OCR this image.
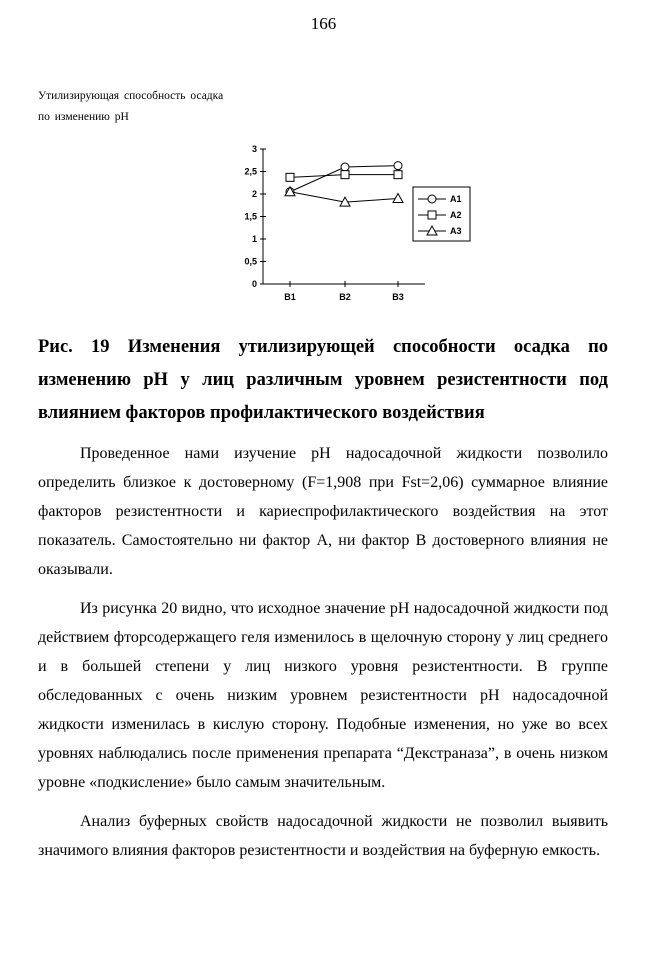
166
Утилизирующая способность осадка
по изменению рН
0
0,5
1
1,5
2
2,5
3
B1	B2	B3
A1
A2
A3
Рис. 19 Изменения утилизирующей способности осадка по изменению рН у лиц различным уровнем резистентности под влиянием факторов профилактического воздействия

Проведенное нами изучение рН надосадочной жидкости позволило определить близкое к достоверному (F=1,908 при Fst=2,06) суммарное влияние факторов резистентности и кариеспрофилактического воздействия на этот показатель. Самостоятельно ни фактор А, ни фактор В достоверного влияния не оказывали.

Из рисунка 20 видно, что исходное значение рН надосадочной жидкости под действием фторсодержащего геля изменилось в щелочную сторону у лиц среднего и в большей степени у лиц низкого уровня резистентности. В группе обследованных с очень низким уровнем резистентности рН надосадочной жидкости изменилась в кислую сторону. Подобные изменения, но уже во всех уровнях наблюдались после применения препарата “Декстраназа”, в очень низком уровне «подкисление» было самым значительным.

Анализ буферных свойств надосадочной жидкости не позволил выявить значимого влияния факторов резистентности и воздействия на буферную емкость.
